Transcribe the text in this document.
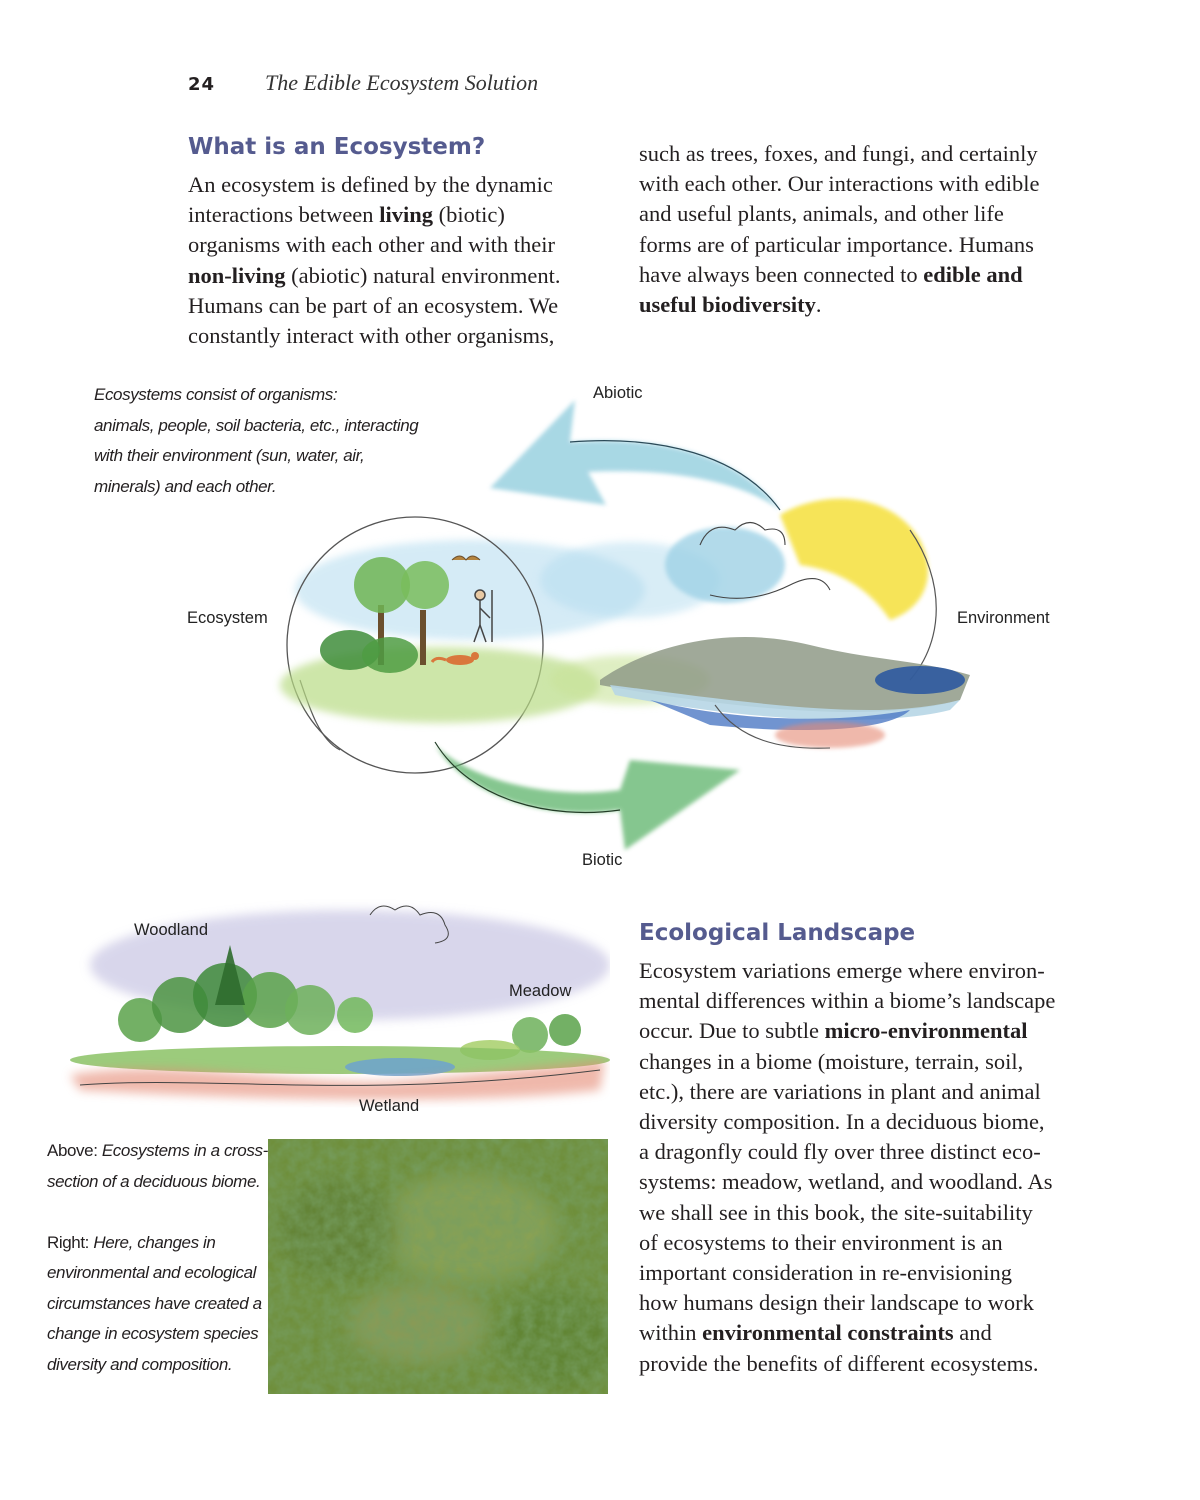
24 The Edible Ecosystem Solution
What is an Ecosystem?

An ecosystem is defined by the dynamic

interactions between living (biotic)

organisms with each other and with their

non-living (abiotic) natural environment.

Humans can be part of an ecosystem. We

constantly interact with other organisms,

such as trees, foxes, and fungi, and certainly

with each other. Our interactions with edible

and useful plants, animals, and other life

forms are of particular importance. Humans

have always been connected to edible and

useful biodiversity.

Ecosystems consist of organisms:

animals, people, soil bacteria, etc., interacting

with their environment (sun, water, air,

minerals) and each other.

Abiotic
Ecosystem	Environment
Biotic
Woodland
Meadow
Wetland

Above: Ecosystems in a cross-

section of a deciduous biome.

Right: Here, changes in

environmental and ecological

circumstances have created a

change in ecosystem species

diversity and composition.

Ecological Landscape

Ecosystem variations emerge where environ-

mental differences within a biome’s landscape

occur. Due to subtle micro-environmental

changes in a biome (moisture, terrain, soil,

etc.), there are variations in plant and animal

diversity composition. In a deciduous biome,

a dragonfly could fly over three distinct eco-

systems: meadow, wetland, and woodland. As

we shall see in this book, the site-suitability

of ecosystems to their environment is an

important consideration in re-envisioning

how humans design their landscape to work

within environmental constraints and

provide the benefits of different ecosystems.
